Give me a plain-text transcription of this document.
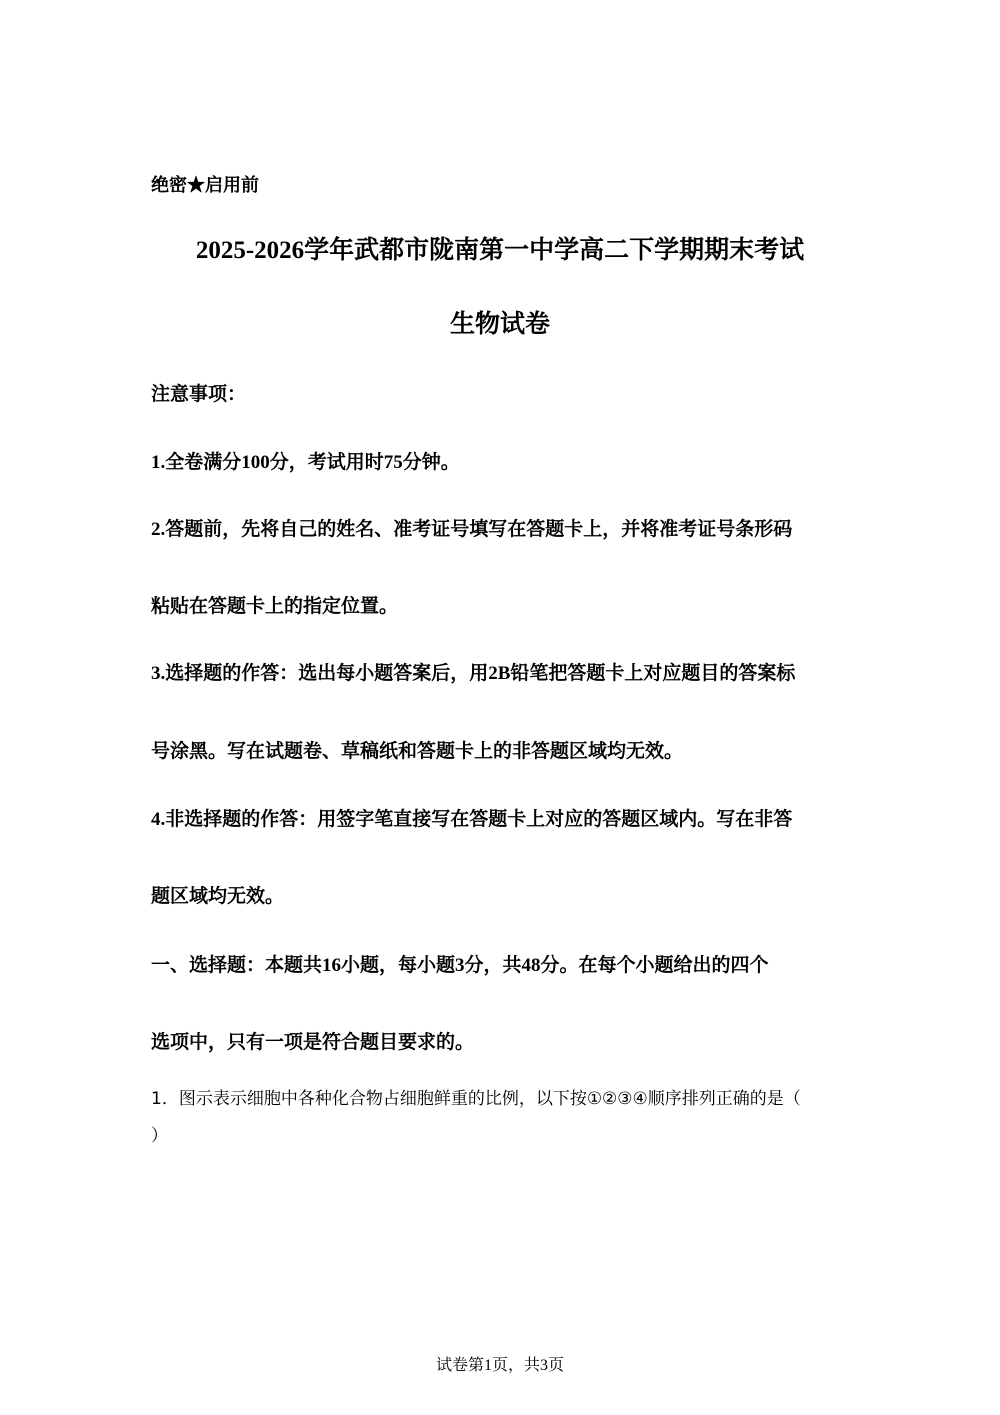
绝密★启用前
2025-2026学年武都市陇南第一中学高二下学期期末考试
生物试卷
注意事项：
1.全卷满分100分，考试用时75分钟。
2.答题前，先将自己的姓名、准考证号填写在答题卡上，并将准考证号条形码
粘贴在答题卡上的指定位置。
3.选择题的作答：选出每小题答案后，用2B铅笔把答题卡上对应题目的答案标
号涂黑。写在试题卷、草稿纸和答题卡上的非答题区域均无效。
4.非选择题的作答：用签字笔直接写在答题卡上对应的答题区域内。写在非答
题区域均无效。
一、选择题：本题共16小题，每小题3分，共48分。在每个小题给出的四个
选项中，只有一项是符合题目要求的。
1．图示表示细胞中各种化合物占细胞鲜重的比例，以下按①②③④顺序排列正确的是（
）
试卷第1页，共3页
